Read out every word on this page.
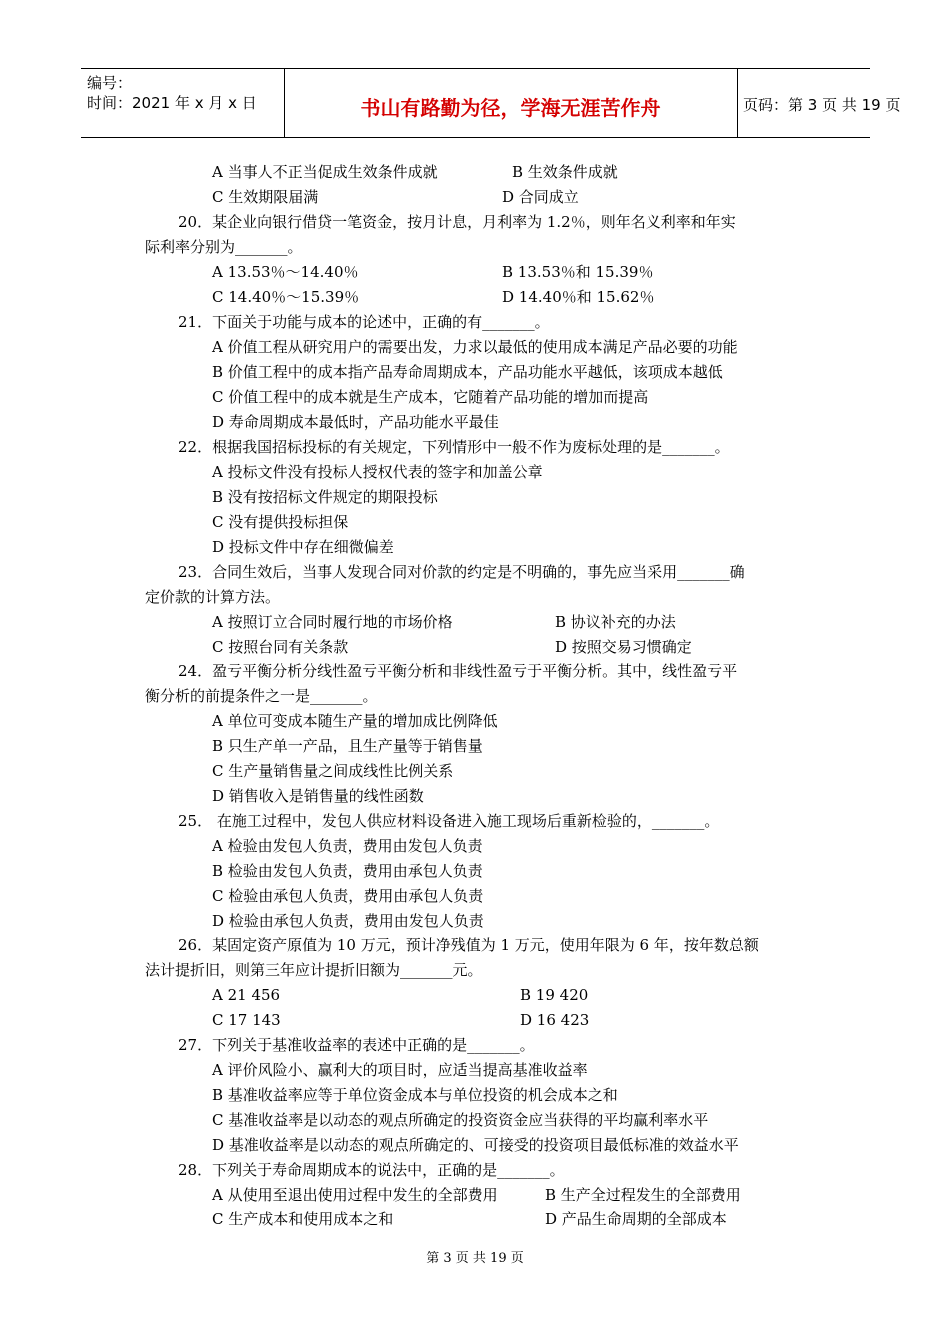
编号：
时间：2021 年 x 月 x 日	书山有路勤为径，学海无涯苦作舟	页码：第 3 页 共 19 页
A 当事人不正当促成生效条件成就	B 生效条件成就
C 生效期限届满	D 合同成立
20．某企业向银行借贷一笔资金，按月计息，月利率为 1.2％，则年名义利率和年实
际利率分别为_______。
A 13.53％～14.40％	B 13.53％和 15.39％
C 14.40％～15.39％	D 14.40％和 15.62％
21．下面关于功能与成本的论述中，正确的有_______。
A 价值工程从研究用户的需要出发，力求以最低的使用成本满足产品必要的功能
B 价值工程中的成本指产品寿命周期成本，产品功能水平越低，该项成本越低
C 价值工程中的成本就是生产成本，它随着产品功能的增加而提高
D 寿命周期成本最低时，产品功能水平最佳
22．根据我国招标投标的有关规定，下列情形中一般不作为废标处理的是_______。
A 投标文件没有投标人授权代表的签字和加盖公章
B 没有按招标文件规定的期限投标
C 没有提供投标担保
D 投标文件中存在细微偏差
23．合同生效后，当事人发现合同对价款的约定是不明确的，事先应当采用_______确
定价款的计算方法。
A 按照订立合同时履行地的市场价格	B 协议补充的办法
C 按照台同有关条款	D 按照交易习惯确定
24．盈亏平衡分析分线性盈亏平衡分析和非线性盈亏于平衡分析。其中，线性盈亏平
衡分析的前提条件之一是_______。
A 单位可变成本随生产量的增加成比例降低
B 只生产单一产品，且生产量等于销售量
C 生产量销售量之间成线性比例关系
D 销售收入是销售量的线性函数
25． 在施工过程中，发包人供应材料设备进入施工现场后重新检验的，_______。
A 检验由发包人负责，费用由发包人负责
B 检验由发包人负责，费用由承包人负责
C 检验由承包人负责，费用由承包人负责
D 检验由承包人负责，费用由发包人负责
26．某固定资产原值为 10 万元，预计净残值为 1 万元，使用年限为 6 年，按年数总额
法计提折旧，则第三年应计提折旧额为_______元。
A 21 456	B 19 420
C 17 143	D 16 423
27．下列关于基准收益率的表述中正确的是_______。
A 评价风险小、赢利大的项目时，应适当提高基准收益率
B 基准收益率应等于单位资金成本与单位投资的机会成本之和
C 基准收益率是以动态的观点所确定的投资资金应当获得的平均赢利率水平
D 基准收益率是以动态的观点所确定的、可接受的投资项目最低标准的效益水平
28．下列关于寿命周期成本的说法中，正确的是_______。
A 从使用至退出使用过程中发生的全部费用	B 生产全过程发生的全部费用
C 生产成本和使用成本之和	D 产品生命周期的全部成本
第 3 页 共 19 页
